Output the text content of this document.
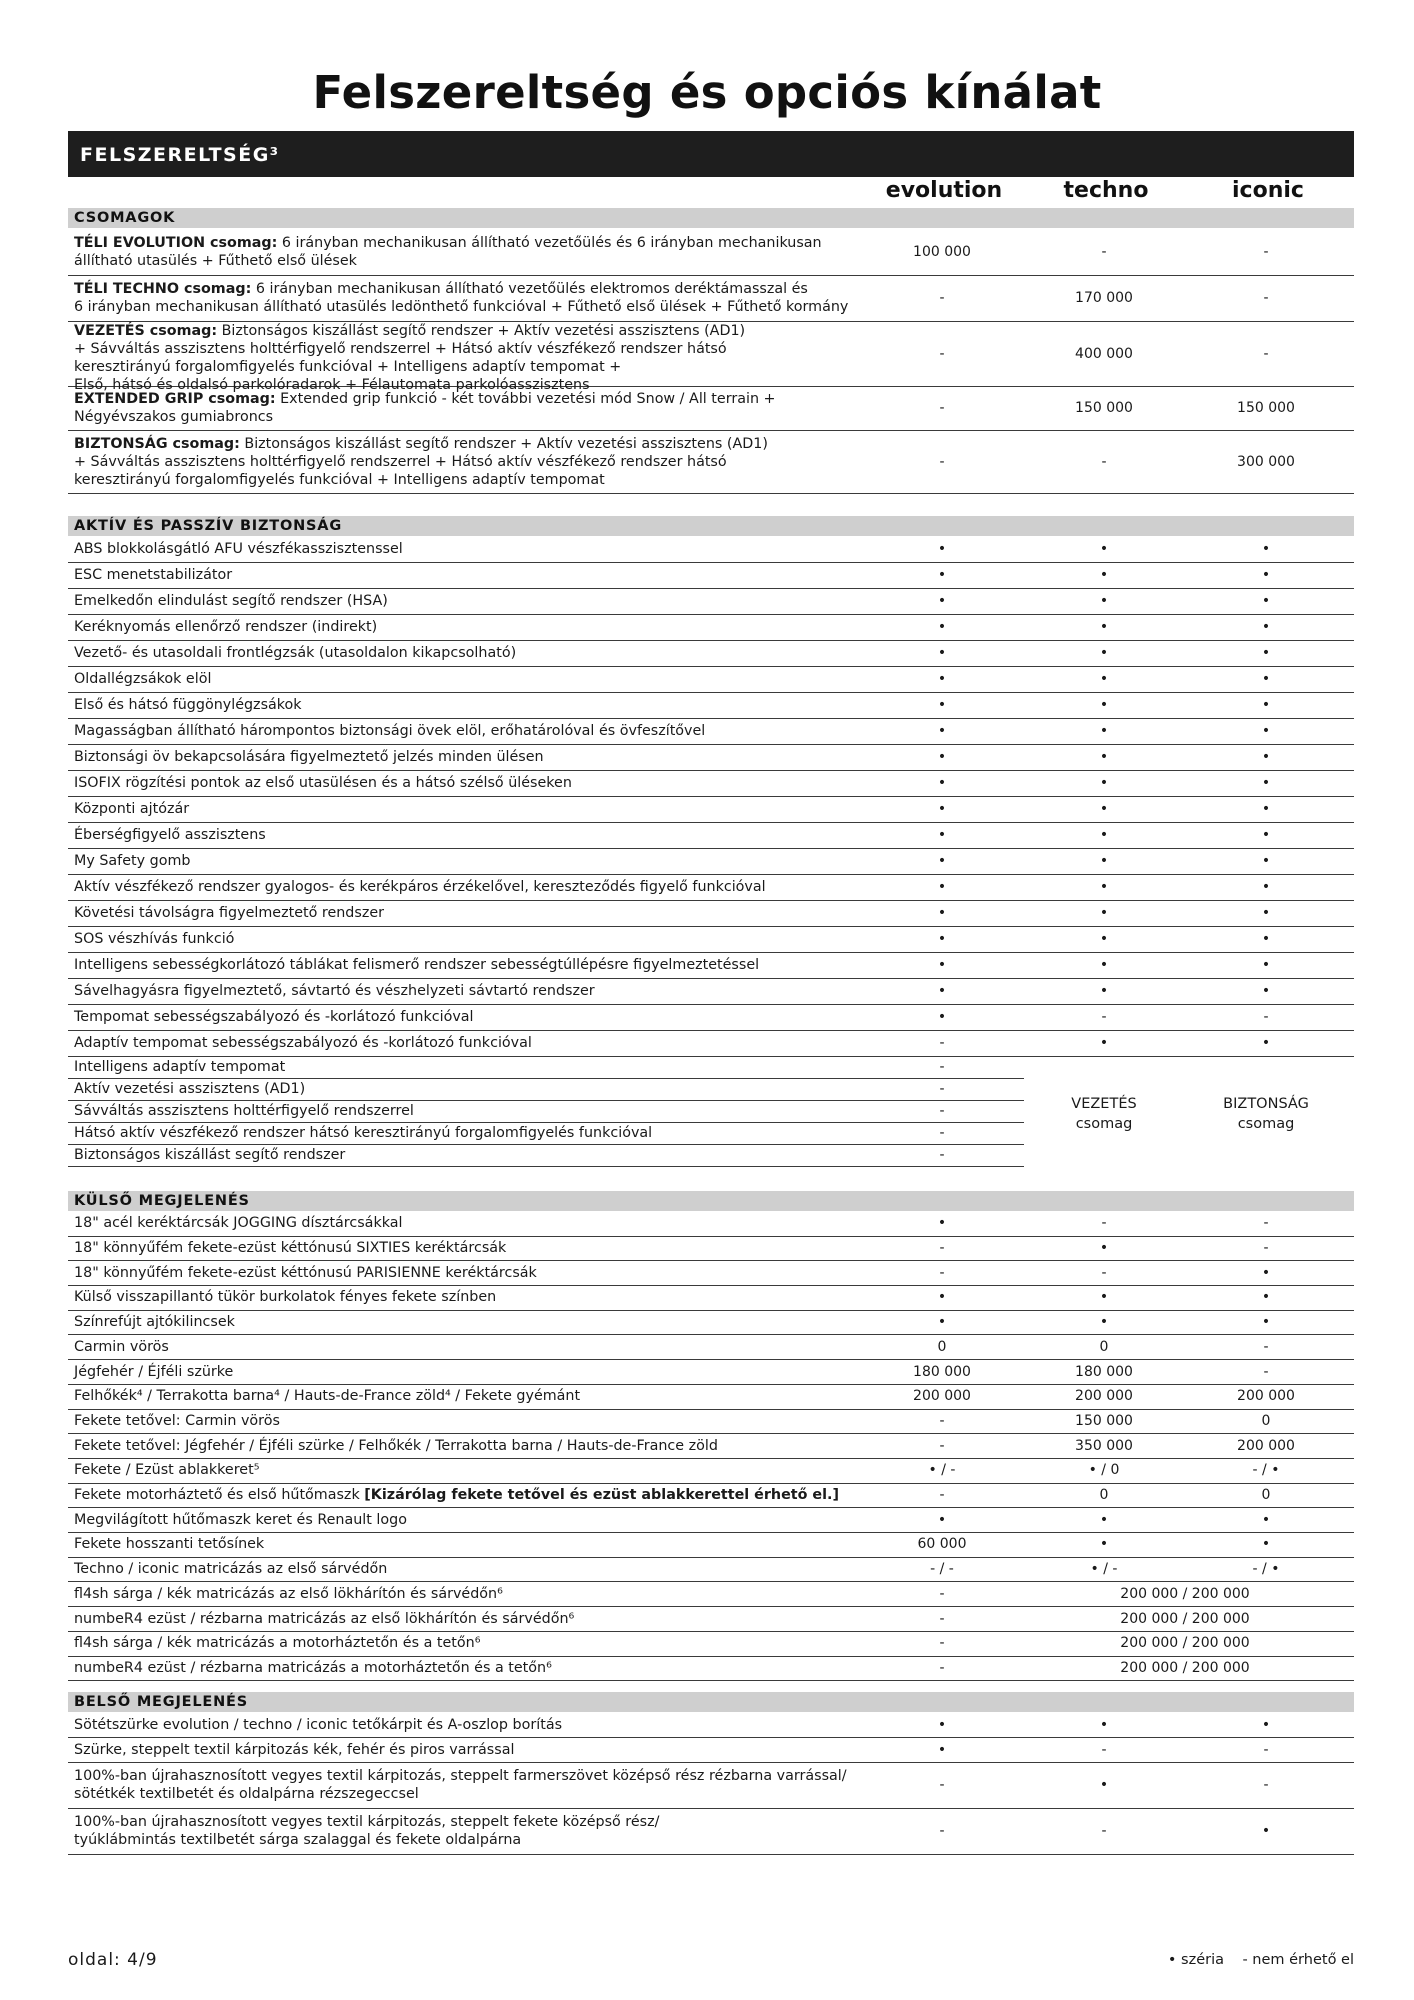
Felszereltség és opciós kínálat
FELSZERELTSÉG³
evolution	techno	iconic
CSOMAGOK
TÉLI EVOLUTION csomag: 6 irányban mechanikusan állítható vezetőülés és 6 irányban mechanikusan
állítható utasülés + Fűthető első ülések
100 000	-	-
TÉLI TECHNO csomag: 6 irányban mechanikusan állítható vezetőülés elektromos deréktámasszal és
6 irányban mechanikusan állítható utasülés ledönthető funkcióval + Fűthető első ülések + Fűthető kormány
-	170 000	-
VEZETÉS csomag: Biztonságos kiszállást segítő rendszer + Aktív vezetési asszisztens (AD1)
+ Sávváltás asszisztens holttérfigyelő rendszerrel + Hátsó aktív vészfékező rendszer hátsó
keresztirányú forgalomfigyelés funkcióval + Intelligens adaptív tempomat +
Első, hátsó és oldalsó parkolóradarok + Félautomata parkolóasszisztens
-	400 000	-
EXTENDED GRIP csomag: Extended grip funkció - két további vezetési mód Snow / All terrain +
Négyévszakos gumiabroncs
-	150 000	150 000
BIZTONSÁG csomag: Biztonságos kiszállást segítő rendszer + Aktív vezetési asszisztens (AD1)
+ Sávváltás asszisztens holttérfigyelő rendszerrel + Hátsó aktív vészfékező rendszer hátsó
keresztirányú forgalomfigyelés funkcióval + Intelligens adaptív tempomat
-	-	300 000
AKTÍV ÉS PASSZÍV BIZTONSÁG
ABS blokkolásgátló AFU vészfékasszisztenssel	•	•	•
ESC menetstabilizátor	•	•	•
Emelkedőn elindulást segítő rendszer (HSA)	•	•	•
Keréknyomás ellenőrző rendszer (indirekt)	•	•	•
Vezető- és utasoldali frontlégzsák (utasoldalon kikapcsolható)	•	•	•
Oldallégzsákok elöl	•	•	•
Első és hátsó függönylégzsákok	•	•	•
Magasságban állítható hárompontos biztonsági övek elöl, erőhatárolóval és övfeszítővel	•	•	•
Biztonsági öv bekapcsolására figyelmeztető jelzés minden ülésen	•	•	•
ISOFIX rögzítési pontok az első utasülésen és a hátsó szélső üléseken	•	•	•
Központi ajtózár	•	•	•
Éberségfigyelő asszisztens	•	•	•
My Safety gomb	•	•	•
Aktív vészfékező rendszer gyalogos- és kerékpáros érzékelővel, kereszteződés figyelő funkcióval	•	•	•
Követési távolságra figyelmeztető rendszer	•	•	•
SOS vészhívás funkció	•	•	•
Intelligens sebességkorlátozó táblákat felismerő rendszer sebességtúllépésre figyelmeztetéssel	•	•	•
Sávelhagyásra figyelmeztető, sávtartó és vészhelyzeti sávtartó rendszer	•	•	•
Tempomat sebességszabályozó és -korlátozó funkcióval	•	-	-
Adaptív tempomat sebességszabályozó és -korlátozó funkcióval	-	•	•
Intelligens adaptív tempomat	-
Aktív vezetési asszisztens (AD1)	-
Sávváltás asszisztens holttérfigyelő rendszerrel	-
Hátsó aktív vészfékező rendszer hátsó keresztirányú forgalomfigyelés funkcióval	-
Biztonságos kiszállást segítő rendszer	-
VEZETÉS
csomag
BIZTONSÁG
csomag
KÜLSŐ MEGJELENÉS
18" acél keréktárcsák JOGGING dísztárcsákkal	•	-	-
18" könnyűfém fekete-ezüst kéttónusú SIXTIES keréktárcsák	-	•	-
18" könnyűfém fekete-ezüst kéttónusú PARISIENNE keréktárcsák	-	-	•
Külső visszapillantó tükör burkolatok fényes fekete színben	•	•	•
Színrefújt ajtókilincsek	•	•	•
Carmin vörös	0	0	-
Jégfehér / Éjféli szürke	180 000	180 000	-
Felhőkék⁴ / Terrakotta barna⁴ / Hauts-de-France zöld⁴ / Fekete gyémánt	200 000	200 000	200 000
Fekete tetővel: Carmin vörös	-	150 000	0
Fekete tetővel: Jégfehér / Éjféli szürke / Felhőkék / Terrakotta barna / Hauts-de-France zöld	-	350 000	200 000
Fekete / Ezüst ablakkeret⁵	• / -	• / 0	- / •
Fekete motorháztető és első hűtőmaszk [Kizárólag fekete tetővel és ezüst ablakkerettel érhető el.]	-	0	0
Megvilágított hűtőmaszk keret és Renault logo	•	•	•
Fekete hosszanti tetősínek	60 000	•	•
Techno / iconic matricázás az első sárvédőn	- / -	• / -	- / •
fl4sh sárga / kék matricázás az első lökhárítón és sárvédőn⁶	-	200 000 / 200 000
numbeR4 ezüst / rézbarna matricázás az első lökhárítón és sárvédőn⁶	-	200 000 / 200 000
fl4sh sárga / kék matricázás a motorháztetőn és a tetőn⁶	-	200 000 / 200 000
numbeR4 ezüst / rézbarna matricázás a motorháztetőn és a tetőn⁶	-	200 000 / 200 000
BELSŐ MEGJELENÉS
Sötétszürke evolution / techno / iconic tetőkárpit és A-oszlop borítás	•	•	•
Szürke, steppelt textil kárpitozás kék, fehér és piros varrással	•	-	-
100%-ban újrahasznosított vegyes textil kárpitozás, steppelt farmerszövet középső rész rézbarna varrással/
sötétkék textilbetét és oldalpárna rézszegeccsel
-	•	-
100%-ban újrahasznosított vegyes textil kárpitozás, steppelt fekete középső rész/
tyúklábmintás textilbetét sárga szalaggal és fekete oldalpárna
-	-	•
oldal: 4/9	• széria - nem érhető el
